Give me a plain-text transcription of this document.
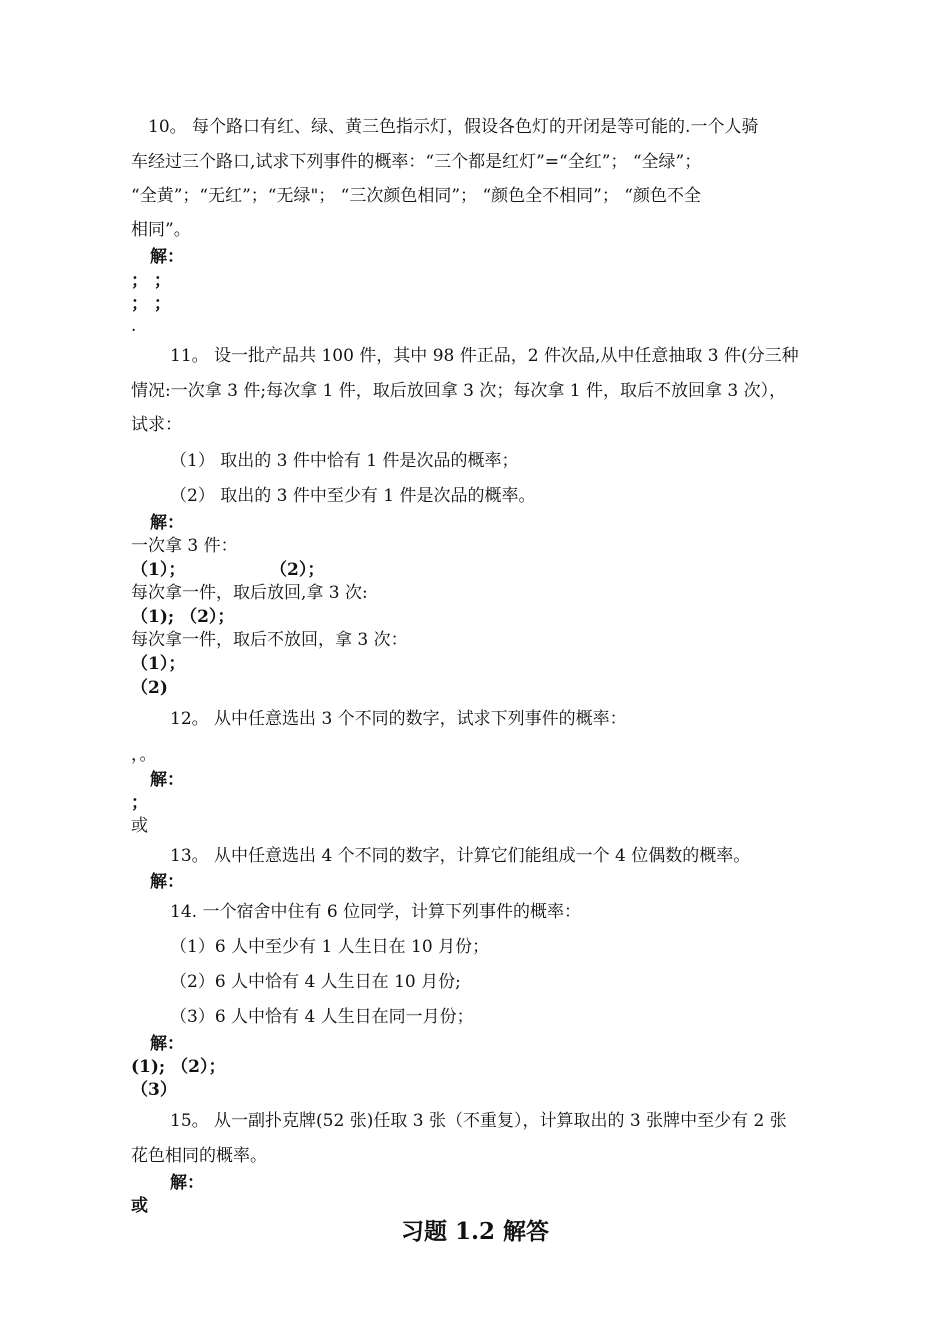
10。 每个路口有红、绿、黄三色指示灯，假设各色灯的开闭是等可能的.一个人骑
车经过三个路口,试求下列事件的概率：“三个都是红灯”=“全红”； “全绿”；
“全黄”；“无红”；“无绿"； “三次颜色相同”； “颜色全不相同”； “颜色不全
相同”。
解：
； ；
； ；
.
11。 设一批产品共 100 件，其中 98 件正品，2 件次品,从中任意抽取 3 件(分三种
情况:一次拿 3 件;每次拿 1 件，取后放回拿 3 次；每次拿 1 件，取后不放回拿 3 次），
试求：
（1） 取出的 3 件中恰有 1 件是次品的概率；
（2） 取出的 3 件中至少有 1 件是次品的概率。
解：
一次拿 3 件：
（1）；	（2）；
每次拿一件，取后放回,拿 3 次:
（1); （2）；
每次拿一件，取后不放回，拿 3 次：
（1）；
（2)
12。 从中任意选出 3 个不同的数字，试求下列事件的概率：
，。
解：
；
或
13。 从中任意选出 4 个不同的数字，计算它们能组成一个 4 位偶数的概率。
解：
14. 一个宿舍中住有 6 位同学，计算下列事件的概率：
（1）6 人中至少有 1 人生日在 10 月份；
（2）6 人中恰有 4 人生日在 10 月份;
（3）6 人中恰有 4 人生日在同一月份；
解：
(1); （2）；
（3）
15。 从一副扑克牌(52 张)任取 3 张（不重复），计算取出的 3 张牌中至少有 2 张
花色相同的概率。
解：
或
习题 1.2 解答
